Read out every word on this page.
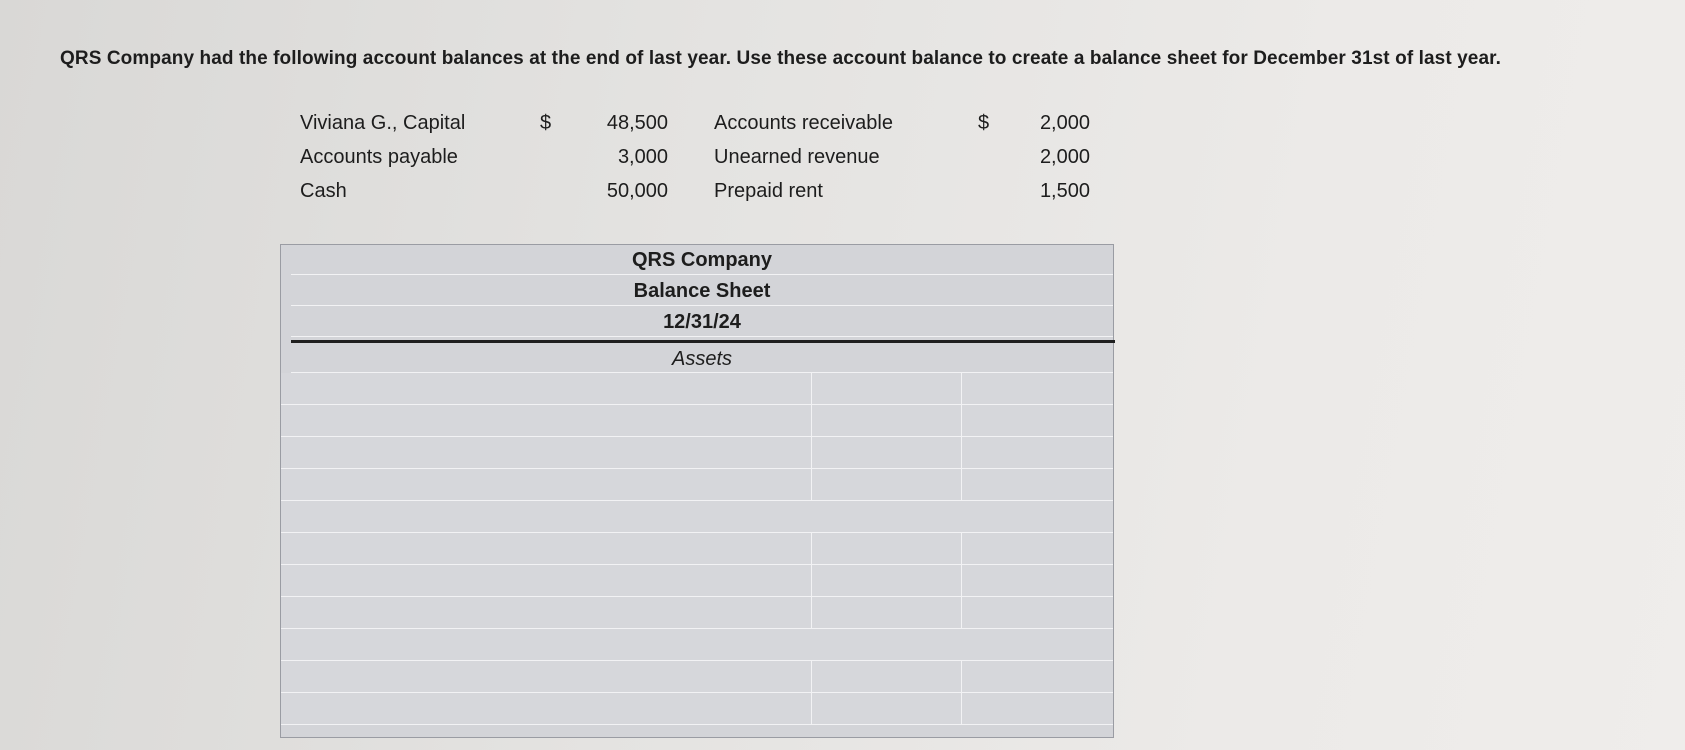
QRS Company had the following account balances at the end of last year. Use these account balance to create a balance sheet for December 31st of last year.
Viviana G., Capital	$	48,500 Accounts receivable	$	2,000
Accounts payable	3,000 Unearned revenue	2,000
Cash	50,000 Prepaid rent	1,500
QRS Company
Balance Sheet
12/31/24
Assets
